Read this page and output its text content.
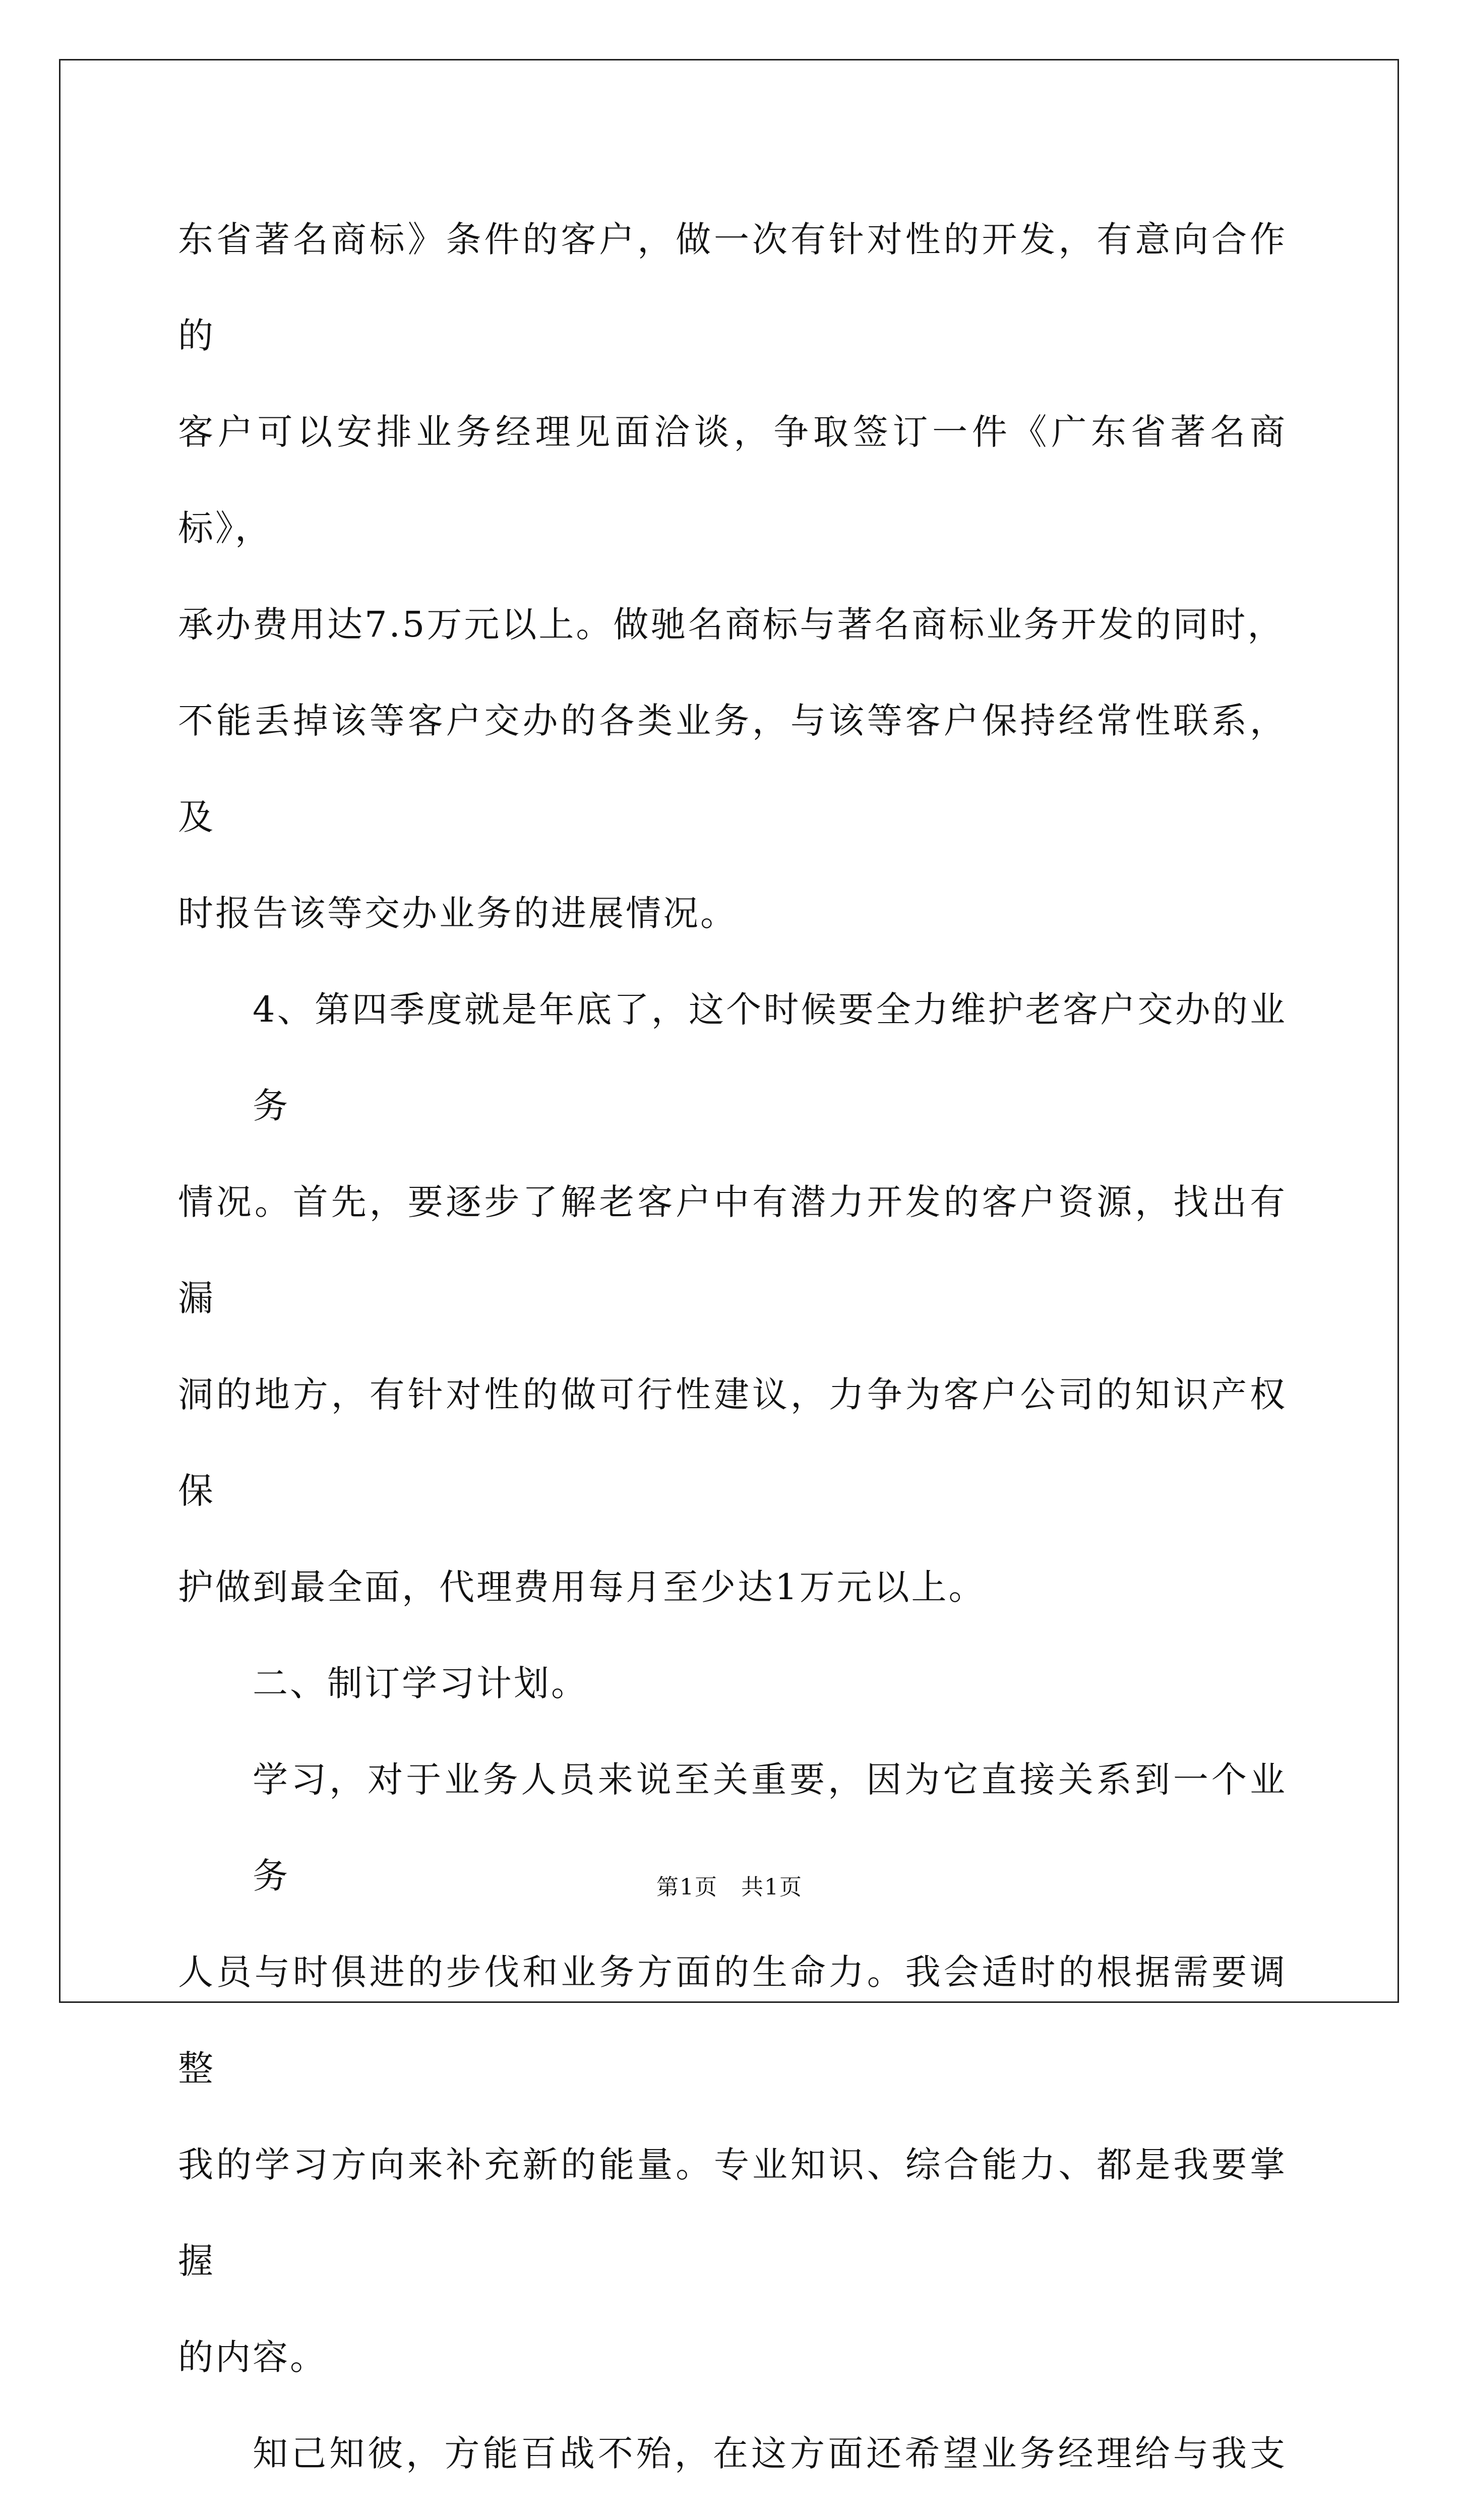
东省著名商标》条件的客户，做一次有针对性的开发，有意向合作的
客户可以安排业务经理见面洽谈，争取签订一件《广东省著名商标》，
承办费用达7.5万元以上。做驰名商标与著名商标业务开发的同时，
不能丢掉该等客户交办的各类业务，与该等客户保持经常性联系，及
时报告该等交办业务的进展情况。
4、第四季度就是年底了，这个时候要全力维护老客户交办的业务
情况。首先，要逐步了解老客户中有潜力开发的客户资源，找出有漏
洞的地方，有针对性的做可行性建议，力争为客户公司的知识产权保
护做到最全面，代理费用每月至少达1万元以上。
二、制订学习计划。
学习，对于业务人员来说至关重要，因为它直接关系到一个业务
人员与时俱进的步伐和业务方面的生命力。我会适时的根据需要调整
我的学习方向来补充新的能量。专业知识、综合能力、都是我要掌握
的内容。
知己知彼，方能百战不殆，在这方面还希望业务经理给与我支
第1页　共1页
